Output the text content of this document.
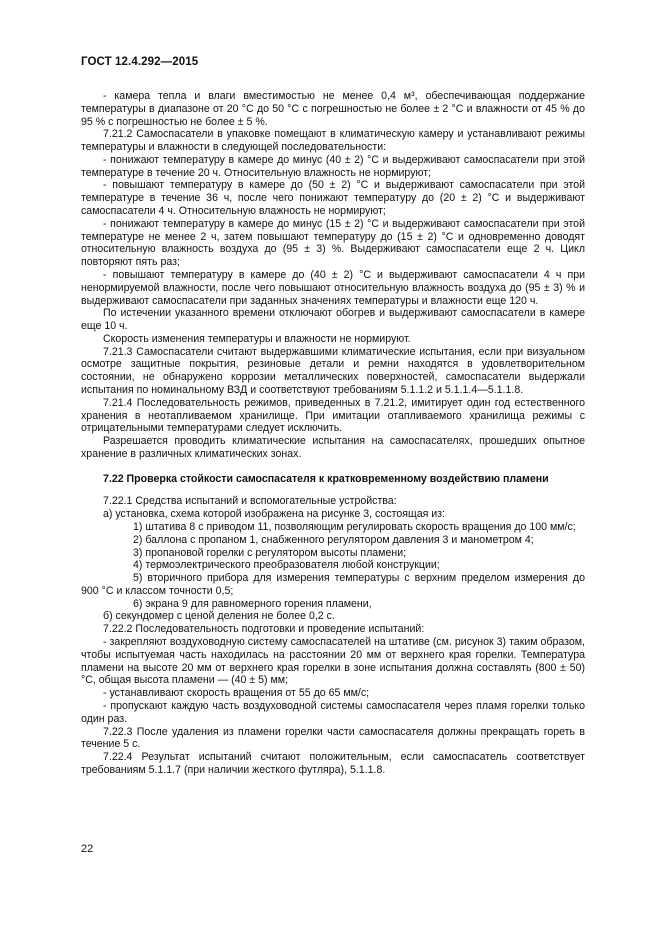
ГОСТ 12.4.292—2015

- камера тепла и влаги вместимостью не менее 0,4 м³, обеспечивающая поддержание температуры в диапазоне от 20 °С до 50 °С с погрешностью не более ± 2 °С и влажности от 45 % до 95 % с погрешностью не более ± 5 %.

7.21.2 Самоспасатели в упаковке помещают в климатическую камеру и устанавливают режимы температуры и влажности в следующей последовательности:

- понижают температуру в камере до минус (40 ± 2) °С и выдерживают самоспасатели при этой температуре в течение 20 ч. Относительную влажность не нормируют;

- повышают температуру в камере до (50 ± 2) °С и выдерживают самоспасатели при этой температуре в течение 36 ч, после чего понижают температуру до (20 ± 2) °С и выдерживают самоспасатели 4 ч. Относительную влажность не нормируют;

- понижают температуру в камере до минус (15 ± 2) °С и выдерживают самоспасатели при этой температуре не менее 2 ч, затем повышают температуру до (15 ± 2) °С и одновременно доводят относительную влажность воздуха до (95 ± 3) %. Выдерживают самоспасатели еще 2 ч. Цикл повторяют пять раз;

- повышают температуру в камере до (40 ± 2) °С и выдерживают самоспасатели 4 ч при ненормируемой влажности, после чего повышают относительную влажность воздуха до (95 ± 3) % и выдерживают самоспасатели при заданных значениях температуры и влажности еще 120 ч.

По истечении указанного времени отключают обогрев и выдерживают самоспасатели в камере еще 10 ч.

Скорость изменения температуры и влажности не нормируют.

7.21.3 Самоспасатели считают выдержавшими климатические испытания, если при визуальном осмотре защитные покрытия, резиновые детали и ремни находятся в удовлетворительном состоянии, не обнаружено коррозии металлических поверхностей, самоспасатели выдержали испытания по номинальному ВЗД и соответствуют требованиям 5.1.1.2 и 5.1.1.4—5.1.1.8.

7.21.4 Последовательность режимов, приведенных в 7.21.2, имитирует один год естественного хранения в неотапливаемом хранилище. При имитации отапливаемого хранилища режимы с отрицательными температурами следует исключить.

Разрешается проводить климатические испытания на самоспасателях, прошедших опытное хранение в различных климатических зонах.

7.22 Проверка стойкости самоспасателя к кратковременному воздействию пламени

7.22.1 Средства испытаний и вспомогательные устройства:

а) установка, схема которой изображена на рисунке 3, состоящая из:

1) штатива 8 с приводом 11, позволяющим регулировать скорость вращения до 100 мм/с;

2) баллона с пропаном 1, снабженного регулятором давления 3 и манометром 4;

3) пропановой горелки с регулятором высоты пламени;

4) термоэлектрического преобразователя любой конструкции;

5) вторичного прибора для измерения температуры с верхним пределом измерения до 900 °С и классом точности 0,5;

6) экрана 9 для равномерного горения пламени,

б) секундомер с ценой деления не более 0,2 с.

7.22.2 Последовательность подготовки и проведение испытаний:

- закрепляют воздуховодную систему самоспасателей на штативе (см. рисунок 3) таким образом, чтобы испытуемая часть находилась на расстоянии 20 мм от верхнего края горелки. Температура пламени на высоте 20 мм от верхнего края горелки в зоне испытания должна составлять (800 ± 50) °С, общая высота пламени — (40 ± 5) мм;

- устанавливают скорость вращения от 55 до 65 мм/с;

- пропускают каждую часть воздуховодной системы самоспасателя через пламя горелки только один раз.

7.22.3 После удаления из пламени горелки части самоспасателя должны прекращать гореть в течение 5 с.

7.22.4 Результат испытаний считают положительным, если самоспасатель соответствует требованиям 5.1.1.7 (при наличии жесткого футляра), 5.1.1.8.

22
